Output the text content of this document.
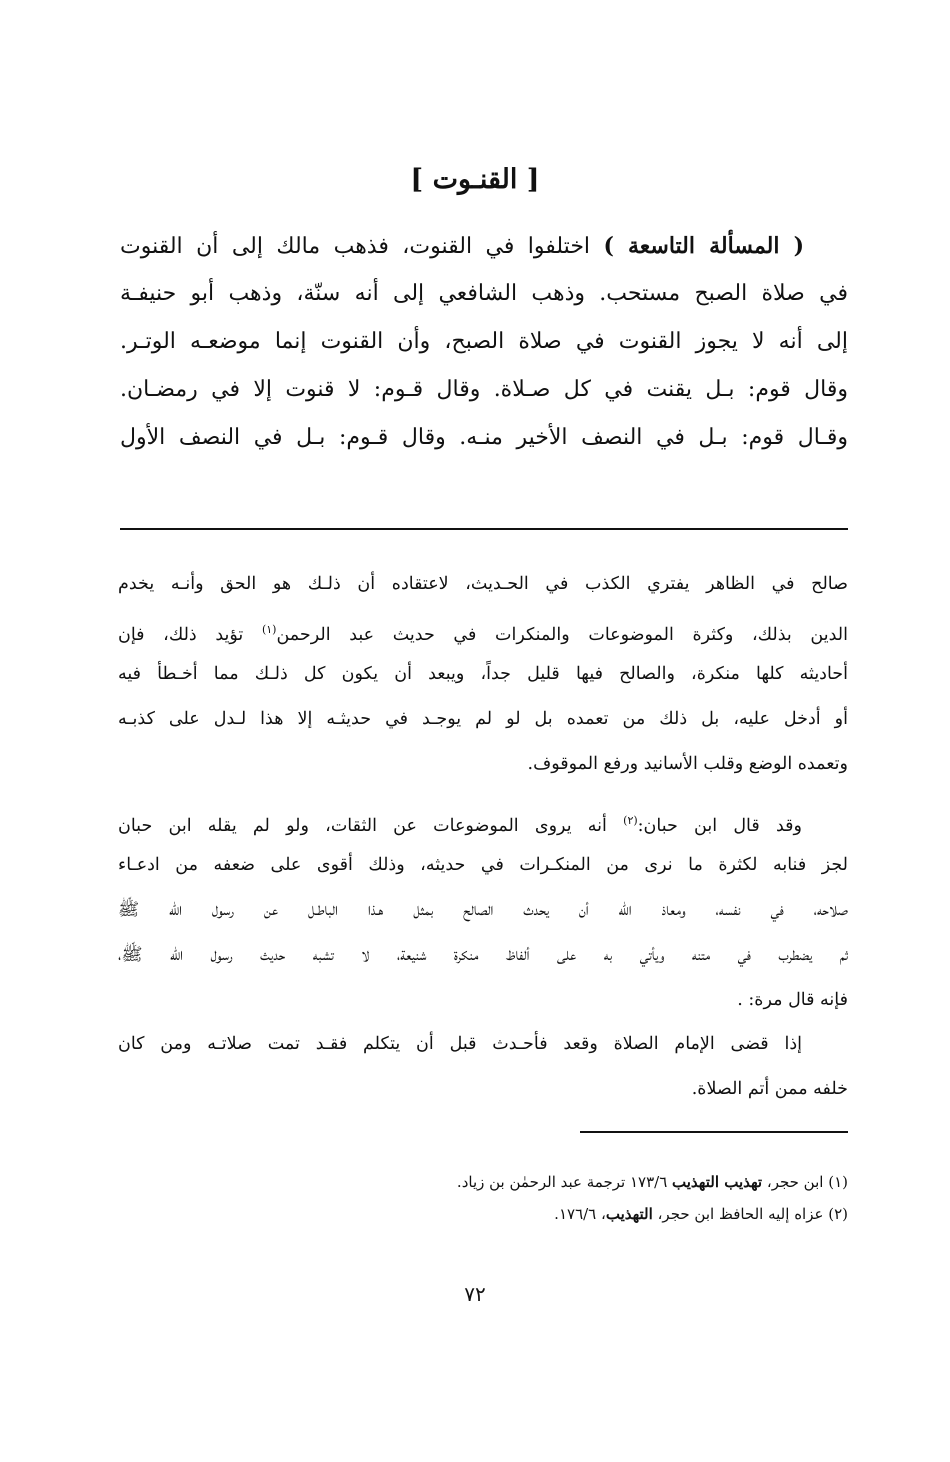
[ القنـوت ]
( المسألة التاسعة ) اختلفوا في القنوت، فذهب مالك إلى أن القنوت
في صلاة الصبح مستحب. وذهب الشافعي إلى أنه سنّة، وذهب أبو حنيفـة
إلى أنه لا يجوز القنوت في صلاة الصبح، وأن القنوت إنما موضعـه الوتـر.
وقال قوم: بـل يقنت في كل صـلاة. وقال قـوم: لا قنوت إلا في رمضـان.
وقـال قوم: بـل في النصف الأخير منـه. وقال قـوم: بـل في النصف الأول
صالح في الظاهر يفتري الكذب في الحـديث، لاعتقاده أن ذلـك هو الحق وأنـه يخدم
الدين بذلك، وكثرة الموضوعات والمنكرات في حديث عبد الرحمن$^{(١)}$ تؤيد ذلك، فإن
أحاديثه كلها منكرة، والصالح فيها قليل جداً، ويبعد أن يكون كل ذلـك مما أخـطأ فيه
أو أدخل عليه، بل ذلك من تعمده بل لو لم يوجـد في حديثـه إلا هذا لـدل على كذبـه
وتعمده الوضع وقلب الأسانيد ورفع الموقوف.
وقد قال ابن حبان:$^{(٢)}$ أنه يروى الموضوعات عن الثقات، ولو لم يقله ابن حبان
لجز فنابه لكثرة ما نرى من المنكـرات في حديثه، وذلك أقوى على ضعفه من ادعـاء
صلاحه، في نفسه، ومعاذ الله أن يحدث الصالح بمثل هـذا الباطـل عن رسول الله ﷺ
ثم يضطرب في متنه ويأتي به على ألفاظ منكرة شنيعة، لا تشبه حديث رسول الله ﷺ،
فإنه قال مرة: .
إذا قضى الإمام الصلاة وقعد فأحـدث قبل أن يتكلم فقـد تمت صلاتـه ومن كان
خلفه ممن أتم الصلاة.
(١) ابن حجر، تهذيب التهذيب ١٧٣/٦ ترجمة عبد الرحمٰن بن زياد.
(٢) عزاه إليه الحافظ ابن حجر، التهذيب، ١٧٦/٦.
٧٢
